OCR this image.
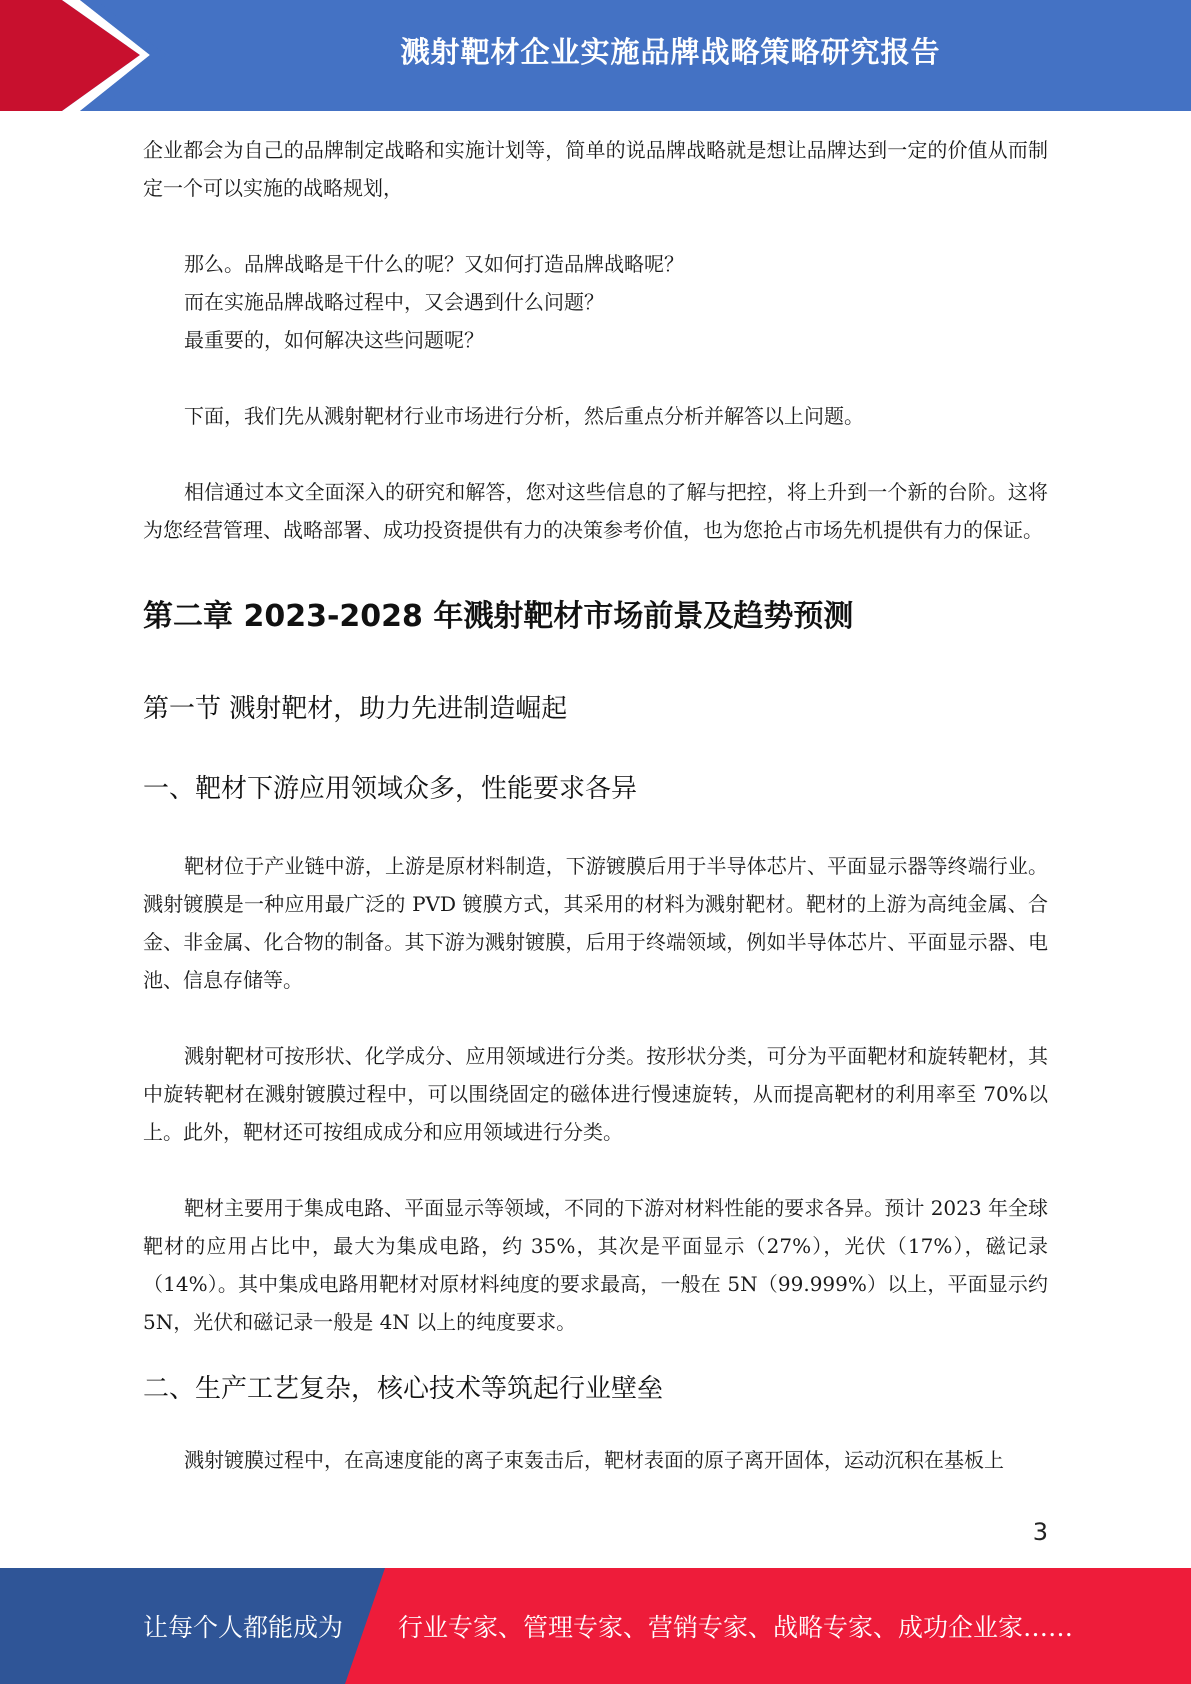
溅射靶材企业实施品牌战略策略研究报告

企业都会为自己的品牌制定战略和实施计划等，简单的说品牌战略就是想让品牌达到一定的价值从而制定一个可以实施的战略规划，

那么。品牌战略是干什么的呢？又如何打造品牌战略呢？

而在实施品牌战略过程中，又会遇到什么问题？

最重要的，如何解决这些问题呢？

下面，我们先从溅射靶材行业市场进行分析，然后重点分析并解答以上问题。

相信通过本文全面深入的研究和解答，您对这些信息的了解与把控，将上升到一个新的台阶。这将为您经营管理、战略部署、成功投资提供有力的决策参考价值，也为您抢占市场先机提供有力的保证。

第二章 2023-2028 年溅射靶材市场前景及趋势预测
第一节 溅射靶材，助力先进制造崛起
一、靶材下游应用领域众多，性能要求各异

靶材位于产业链中游，上游是原材料制造，下游镀膜后用于半导体芯片、平面显示器等终端行业。溅射镀膜是一种应用最广泛的 PVD 镀膜方式，其采用的材料为溅射靶材。靶材的上游为高纯金属、合金、非金属、化合物的制备。其下游为溅射镀膜，后用于终端领域，例如半导体芯片、平面显示器、电池、信息存储等。

溅射靶材可按形状、化学成分、应用领域进行分类。按形状分类，可分为平面靶材和旋转靶材，其中旋转靶材在溅射镀膜过程中，可以围绕固定的磁体进行慢速旋转，从而提高靶材的利用率至 70%以上。此外，靶材还可按组成成分和应用领域进行分类。

靶材主要用于集成电路、平面显示等领域，不同的下游对材料性能的要求各异。预计 2023 年全球靶材的应用占比中，最大为集成电路，约 35%，其次是平面显示（27%），光伏（17%），磁记录（14%）。其中集成电路用靶材对原材料纯度的要求最高，一般在 5N（99.999%）以上，平面显示约 5N，光伏和磁记录一般是 4N 以上的纯度要求。

二、生产工艺复杂，核心技术等筑起行业壁垒

溅射镀膜过程中，在高速度能的离子束轰击后，靶材表面的原子离开固体，运动沉积在基板上

3
让每个人都能成为 行业专家、管理专家、营销专家、战略专家、成功企业家……
